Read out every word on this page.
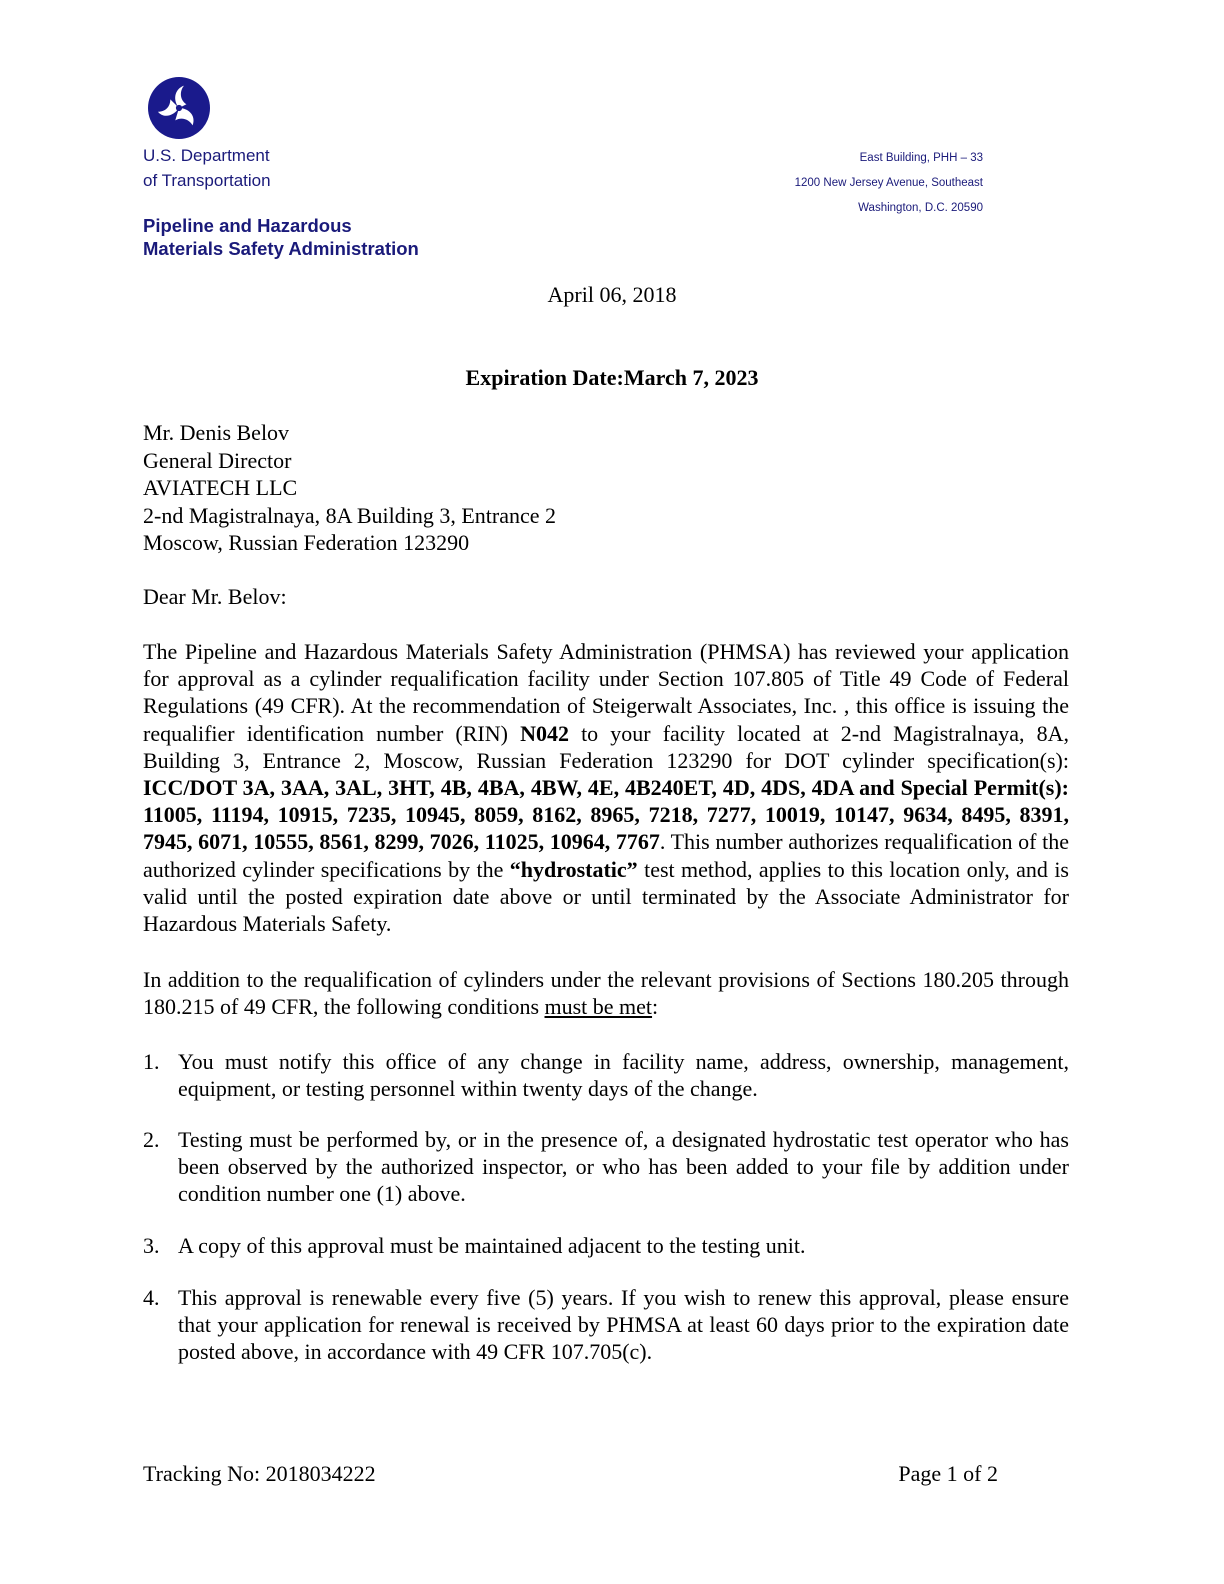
U.S. Department
of Transportation
East Building, PHH – 33
1200 New Jersey Avenue, Southeast
Washington, D.C. 20590
Pipeline and Hazardous
Materials Safety Administration
April 06, 2018
Expiration Date:March 7, 2023
Mr. Denis Belov
General Director
AVIATECH LLC
2-nd Magistralnaya, 8A Building 3, Entrance 2
Moscow, Russian Federation 123290
Dear Mr. Belov:
The Pipeline and Hazardous Materials Safety Administration (PHMSA) has reviewed your application for approval as a cylinder requalification facility under Section 107.805 of Title 49 Code of Federal Regulations (49 CFR). At the recommendation of Steigerwalt Associates, Inc. , this office is issuing the requalifier identification number (RIN) N042 to your facility located at 2-nd Magistralnaya, 8A, Building 3, Entrance 2, Moscow, Russian Federation 123290 for DOT cylinder specification(s): ICC/DOT 3A, 3AA, 3AL, 3HT, 4B, 4BA, 4BW, 4E, 4B240ET, 4D, 4DS, 4DA and Special Permit(s): 11005, 11194, 10915, 7235, 10945, 8059, 8162, 8965, 7218, 7277, 10019, 10147, 9634, 8495, 8391, 7945, 6071, 10555, 8561, 8299, 7026, 11025, 10964, 7767. This number authorizes requalification of the authorized cylinder specifications by the “hydrostatic” test method, applies to this location only, and is valid until the posted expiration date above or until terminated by the Associate Administrator for Hazardous Materials Safety.
In addition to the requalification of cylinders under the relevant provisions of Sections 180.205 through 180.215 of 49 CFR, the following conditions must be met:
1. You must notify this office of any change in facility name, address, ownership, management, equipment, or testing personnel within twenty days of the change.
2. Testing must be performed by, or in the presence of, a designated hydrostatic test operator who has been observed by the authorized inspector, or who has been added to your file by addition under condition number one (1) above.
3. A copy of this approval must be maintained adjacent to the testing unit.
4. This approval is renewable every five (5) years. If you wish to renew this approval, please ensure that your application for renewal is received by PHMSA at least 60 days prior to the expiration date posted above, in accordance with 49 CFR 107.705(c).
Tracking No: 2018034222	Page 1 of 2
